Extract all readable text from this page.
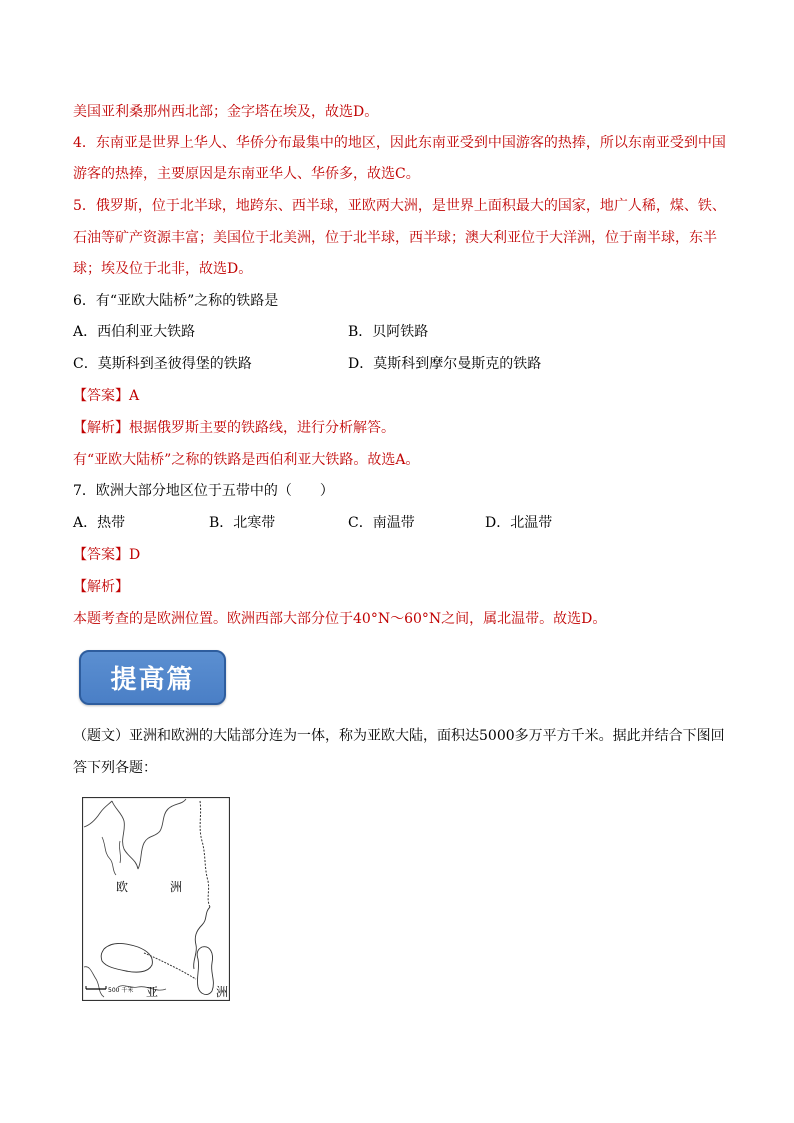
美国亚利桑那州西北部；金字塔在埃及，故选D。
4．东南亚是世界上华人、华侨分布最集中的地区，因此东南亚受到中国游客的热捧，所以东南亚受到中国
游客的热捧，主要原因是东南亚华人、华侨多，故选C。
5．俄罗斯，位于北半球，地跨东、西半球，亚欧两大洲，是世界上面积最大的国家，地广人稀，煤、铁、
石油等矿产资源丰富；美国位于北美洲，位于北半球，西半球；澳大利亚位于大洋洲，位于南半球，东半
球；埃及位于北非，故选D。
6．有“亚欧大陆桥”之称的铁路是
A．西伯利亚大铁路	B．贝阿铁路
C．莫斯科到圣彼得堡的铁路	D．莫斯科到摩尔曼斯克的铁路
【答案】A
【解析】根据俄罗斯主要的铁路线，进行分析解答。
有“亚欧大陆桥”之称的铁路是西伯利亚大铁路。故选A。
7．欧洲大部分地区位于五带中的（　　）
A．热带	B．北寒带	C．南温带	D．北温带
【答案】D
【解析】
本题考查的是欧洲位置。欧洲西部大部分位于40°N～60°N之间，属北温带。故选D。
提高篇
（题文）亚洲和欧洲的大陆部分连为一体，称为亚欧大陆，面积达5000多万平方千米。据此并结合下图回
答下列各题：
500 千米
欧	洲
亚	洲
